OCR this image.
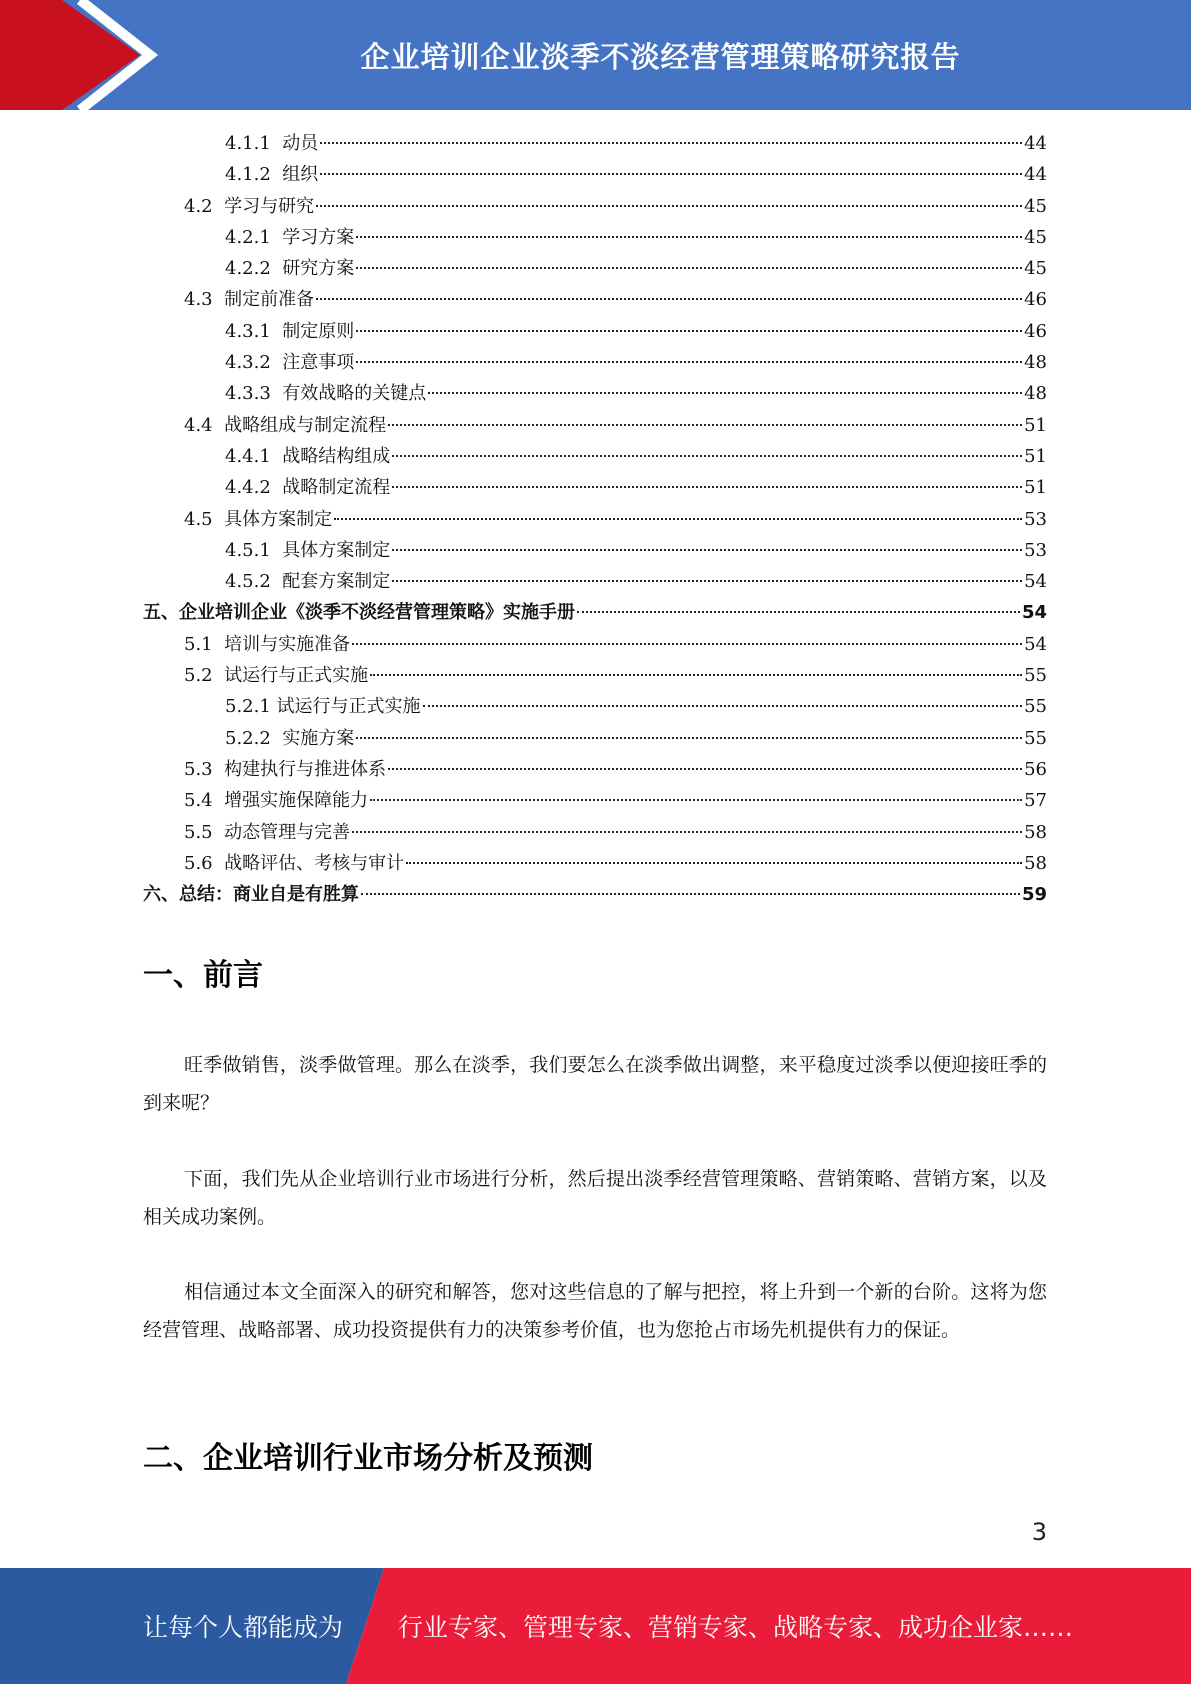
企业培训企业淡季不淡经营管理策略研究报告
4.1.1 动员	44
4.1.2 组织	44
4.2 学习与研究	45
4.2.1 学习方案	45
4.2.2 研究方案	45
4.3 制定前准备	46
4.3.1 制定原则	46
4.3.2 注意事项	48
4.3.3 有效战略的关键点	48
4.4 战略组成与制定流程	51
4.4.1 战略结构组成	51
4.4.2 战略制定流程	51
4.5 具体方案制定	53
4.5.1 具体方案制定	53
4.5.2 配套方案制定	54
五、企业培训企业《淡季不淡经营管理策略》实施手册	54
5.1 培训与实施准备	54
5.2 试运行与正式实施	55
5.2.1 试运行与正式实施	55
5.2.2 实施方案	55
5.3 构建执行与推进体系	56
5.4 增强实施保障能力	57
5.5 动态管理与完善	58
5.6 战略评估、考核与审计	58
六、总结：商业自是有胜算	59
一、前言
旺季做销售，淡季做管理。那么在淡季，我们要怎么在淡季做出调整，来平稳度过淡季以便迎接旺季的到来呢？
下面，我们先从企业培训行业市场进行分析，然后提出淡季经营管理策略、营销策略、营销方案，以及相关成功案例。
相信通过本文全面深入的研究和解答，您对这些信息的了解与把控，将上升到一个新的台阶。这将为您经营管理、战略部署、成功投资提供有力的决策参考价值，也为您抢占市场先机提供有力的保证。
二、企业培训行业市场分析及预测
3
让每个人都能成为 行业专家、管理专家、营销专家、战略专家、成功企业家……
